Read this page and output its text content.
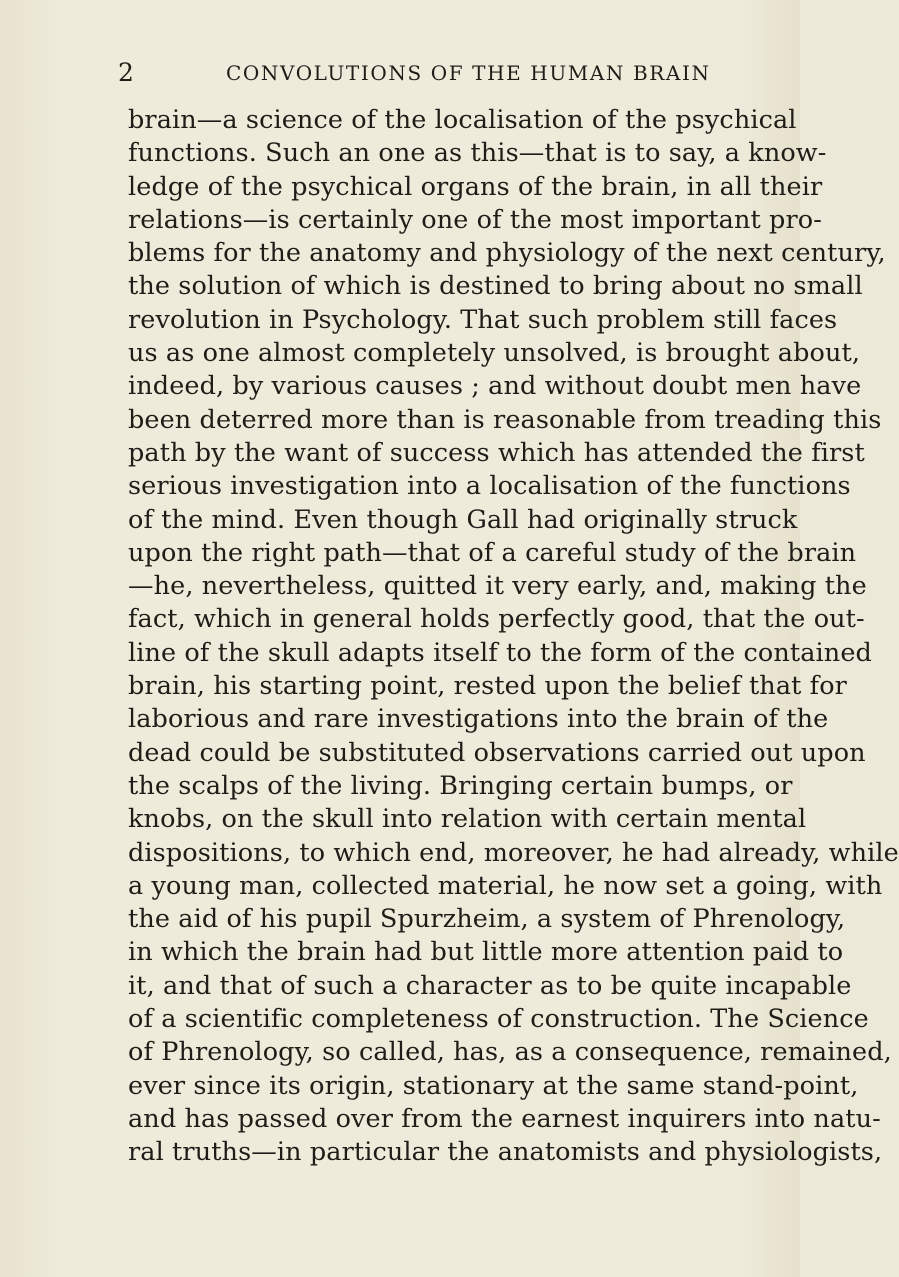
2	CONVOLUTIONS OF THE HUMAN BRAIN
brain—a science of the localisation of the psychical
functions. Such an one as this—that is to say, a know-
ledge of the psychical organs of the brain, in all their
relations—is certainly one of the most important pro-
blems for the anatomy and physiology of the next century,
the solution of which is destined to bring about no small
revolution in Psychology. That such problem still faces
us as one almost completely unsolved, is brought about,
indeed, by various causes ; and without doubt men have
been deterred more than is reasonable from treading this
path by the want of success which has attended the first
serious investigation into a localisation of the functions
of the mind. Even though Gall had originally struck
upon the right path—that of a careful study of the brain
—he, nevertheless, quitted it very early, and, making the
fact, which in general holds perfectly good, that the out-
line of the skull adapts itself to the form of the contained
brain, his starting point, rested upon the belief that for
laborious and rare investigations into the brain of the
dead could be substituted observations carried out upon
the scalps of the living. Bringing certain bumps, or
knobs, on the skull into relation with certain mental
dispositions, to which end, moreover, he had already, while
a young man, collected material, he now set a going, with
the aid of his pupil Spurzheim, a system of Phrenology,
in which the brain had but little more attention paid to
it, and that of such a character as to be quite incapable
of a scientific completeness of construction. The Science
of Phrenology, so called, has, as a consequence, remained,
ever since its origin, stationary at the same stand-point,
and has passed over from the earnest inquirers into natu-
ral truths—in particular the anatomists and physiologists,
